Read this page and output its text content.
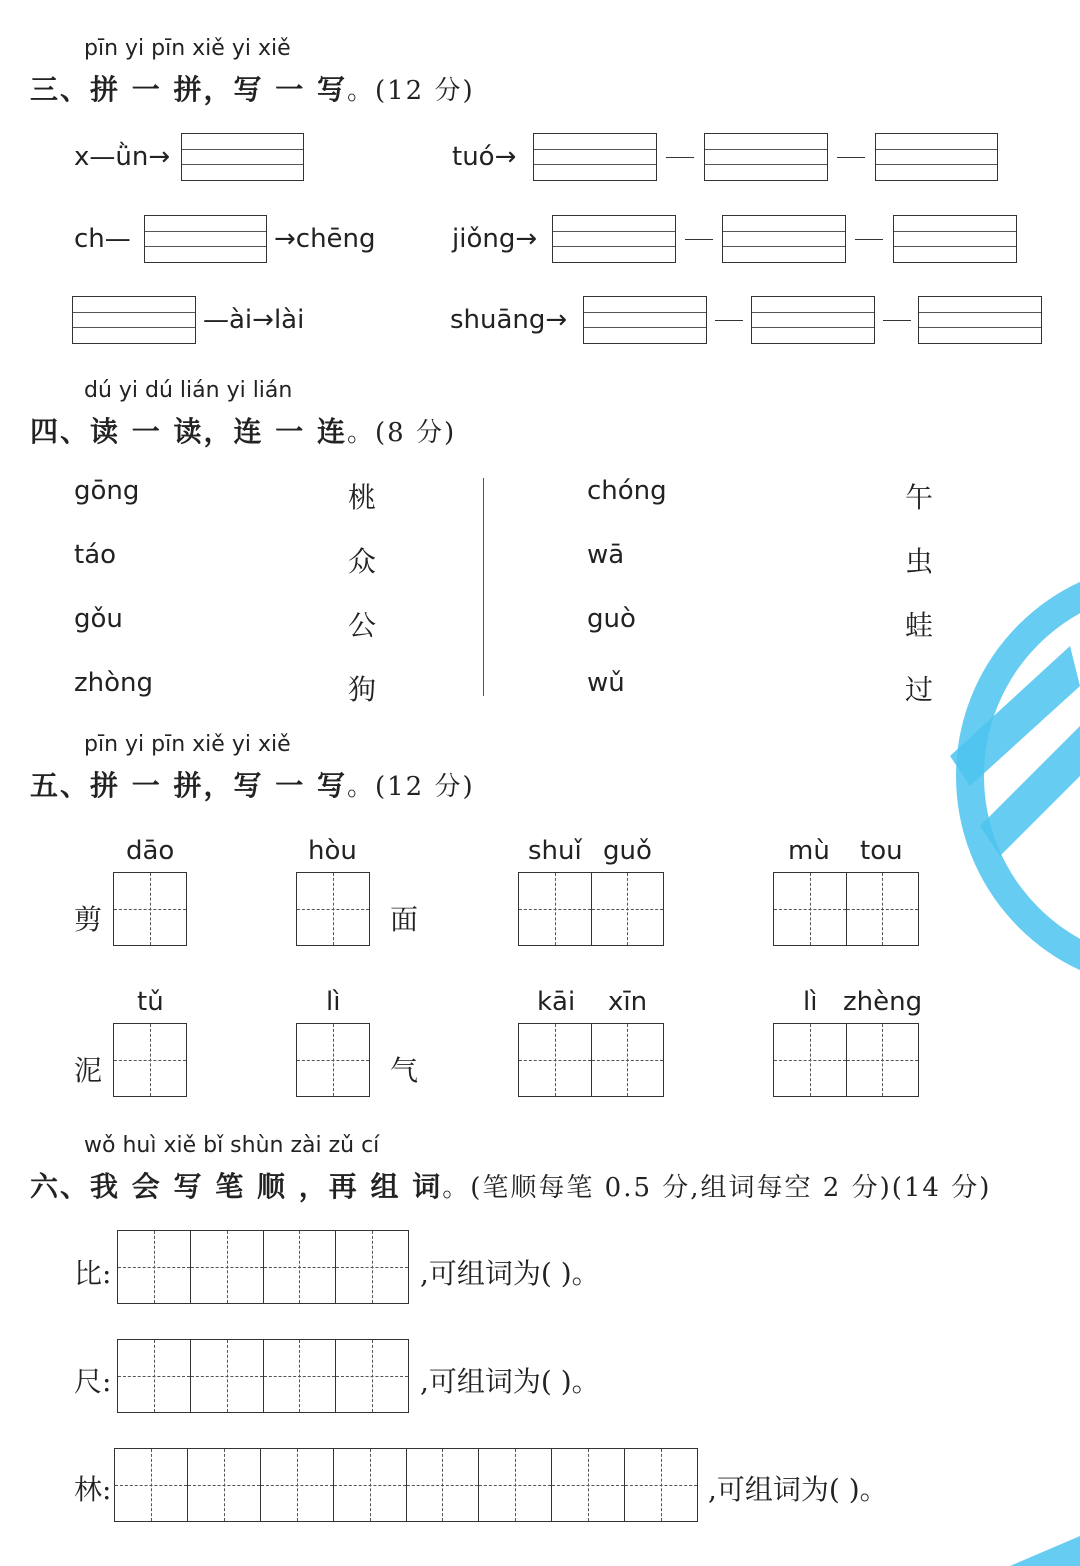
pīn yi pīn xiě yi xiě
三、拼 一 拼，写 一 写。(12 分)
x—ǜn→	tuó→
ch—	→chēng	jiǒng→
—ài→lài	shuāng→
dú yi dú lián yi lián
四、读 一 读，连 一 连。(8 分)
gōng
táo
gǒu
zhòng
桃
众
公
狗
chóng
wā
guò
wǔ
午
虫
蛙
过
pīn yi pīn xiě yi xiě
五、拼 一 拼，写 一 写。(12 分)
dāo
剪
hòu
面
shuǐ guǒ	mù tou
tǔ
泥
lì
气
kāi xīn	lì zhèng
wǒ huì xiě bǐ shùn zài zǔ cí
六、我 会 写 笔 顺 ，再 组 词。(笔顺每笔 0.5 分,组词每空 2 分)(14 分)
比:	,可组词为( )。
尺:	,可组词为( )。
林:	,可组词为( )。
